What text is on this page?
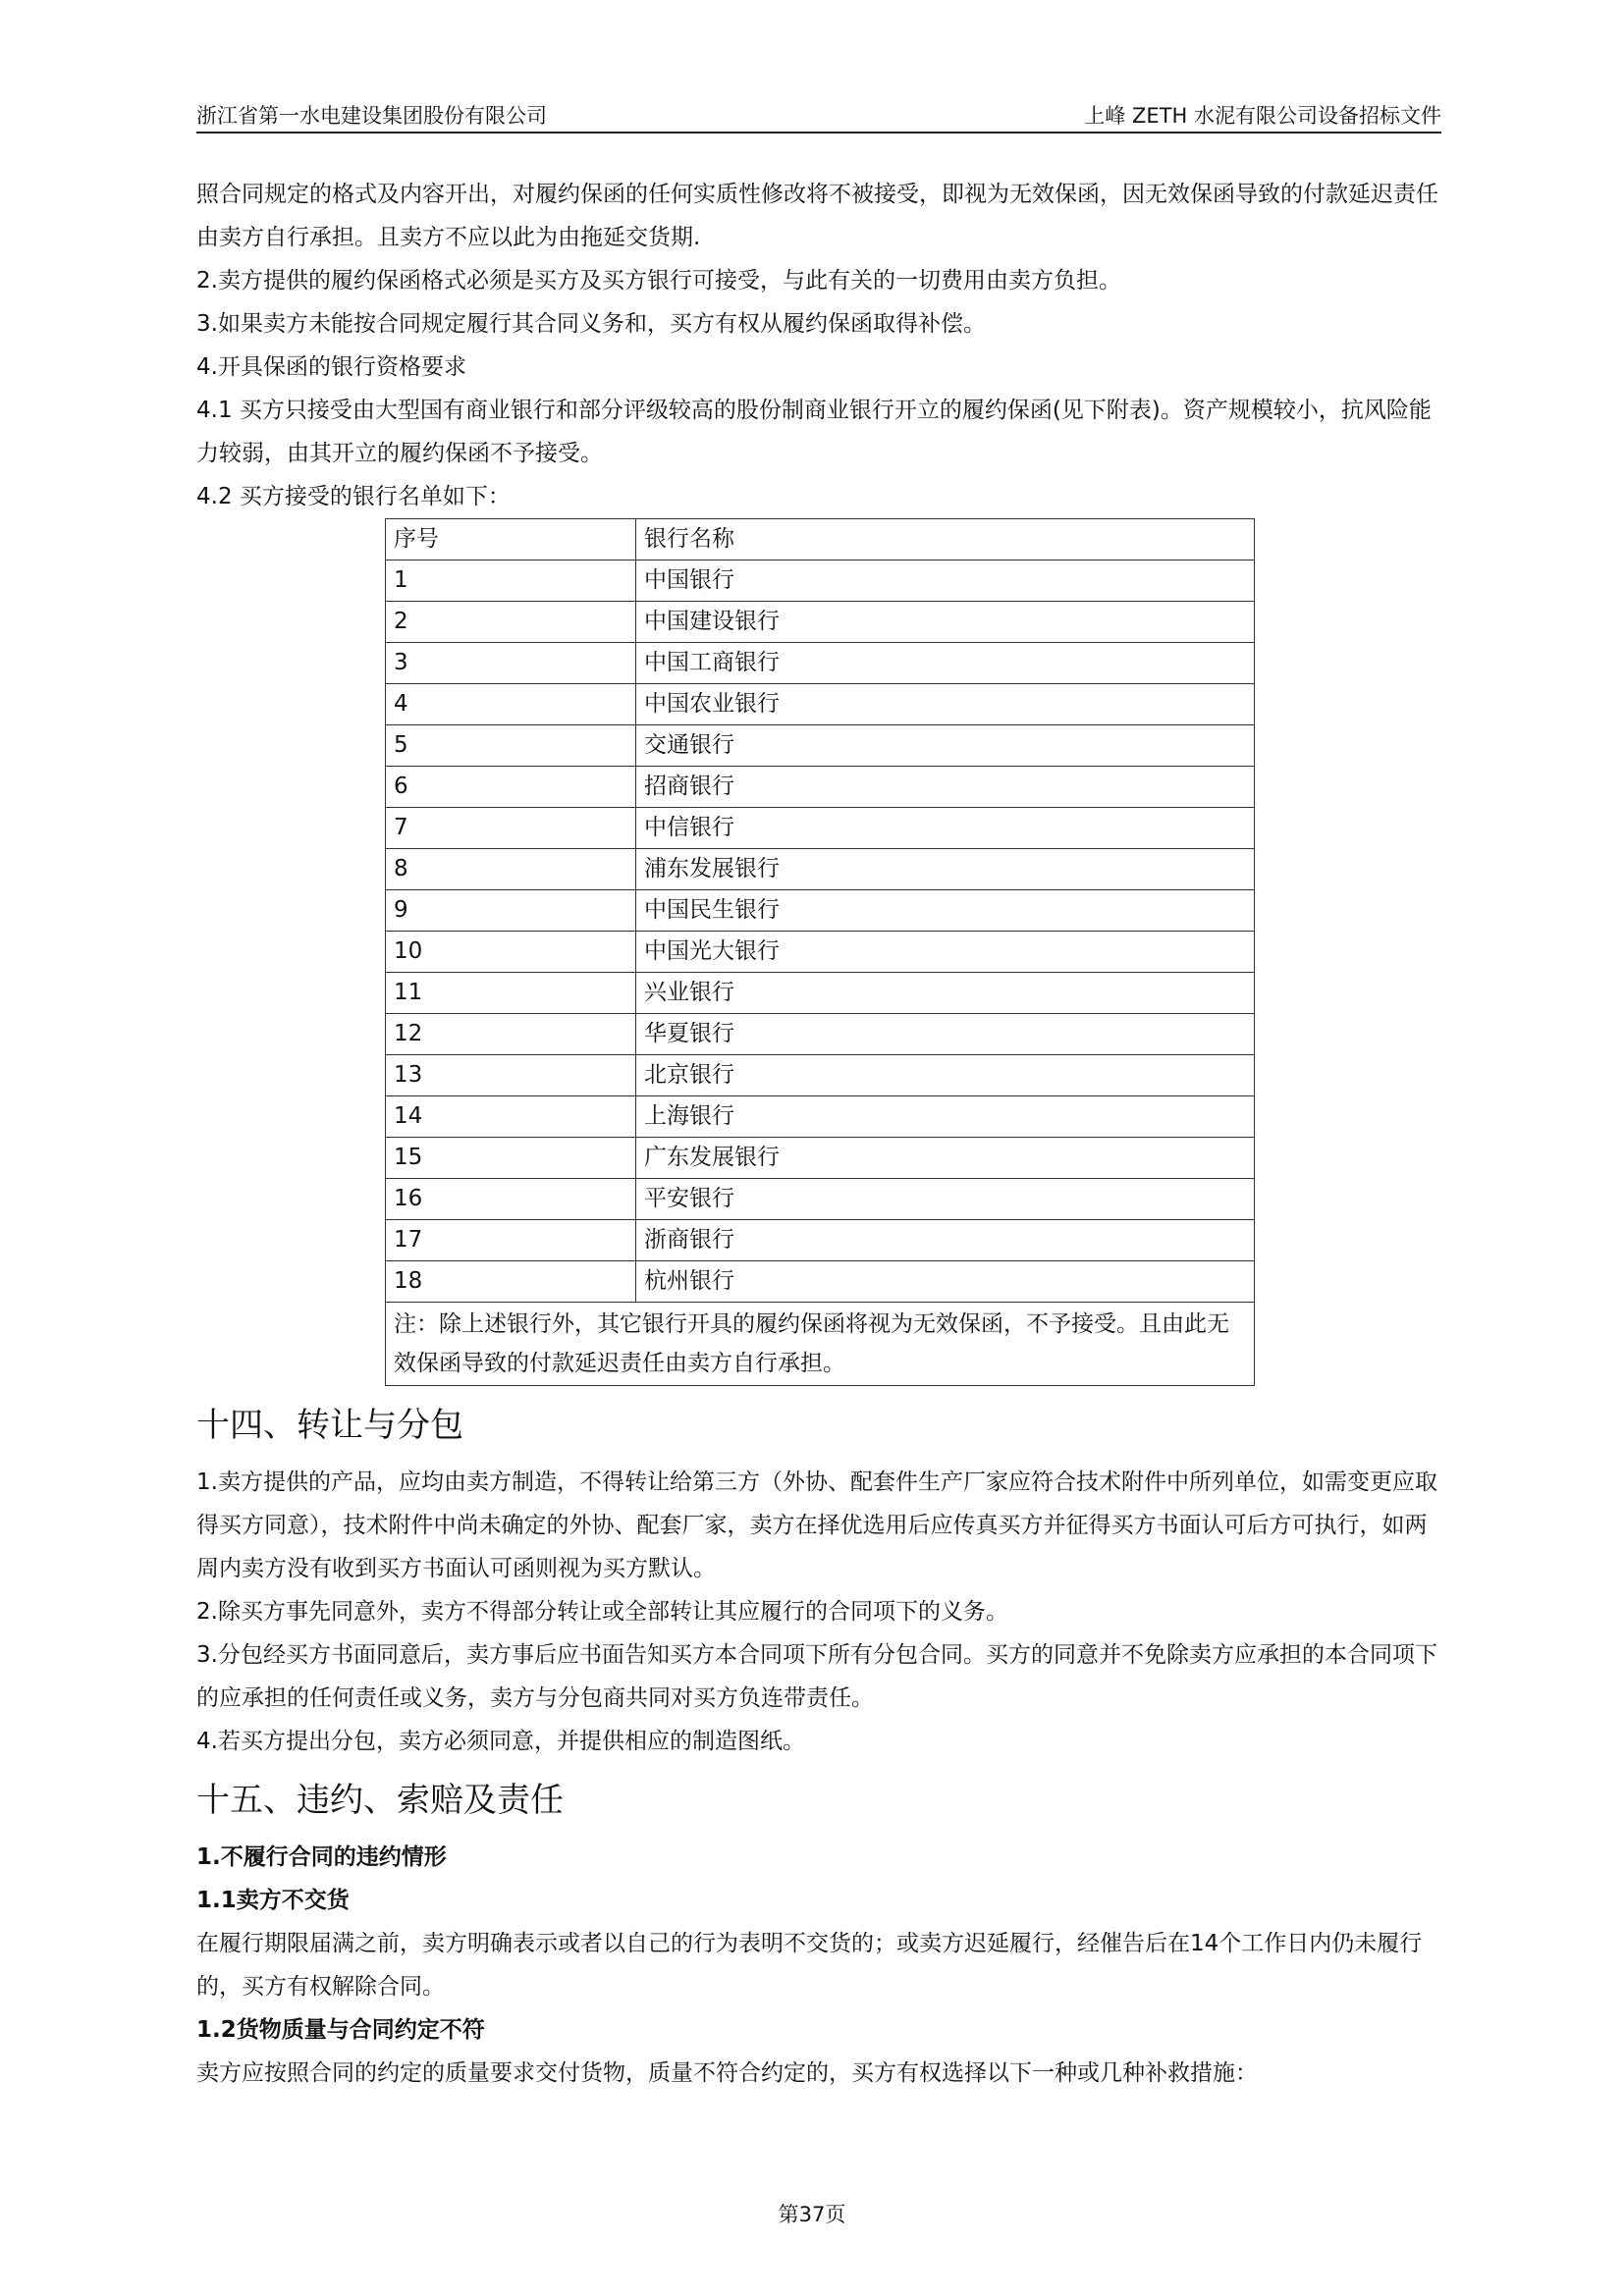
浙江省第一水电建设集团股份有限公司	上峰 ZETH 水泥有限公司设备招标文件

照合同规定的格式及内容开出，对履约保函的任何实质性修改将不被接受，即视为无效保函，因无效保函导致的付款延迟责任由卖方自行承担。且卖方不应以此为由拖延交货期.

2.卖方提供的履约保函格式必须是买方及买方银行可接受，与此有关的一切费用由卖方负担。

3.如果卖方未能按合同规定履行其合同义务和，买方有权从履约保函取得补偿。

4.开具保函的银行资格要求

4.1 买方只接受由大型国有商业银行和部分评级较高的股份制商业银行开立的履约保函(见下附表)。资产规模较小，抗风险能力较弱，由其开立的履约保函不予接受。

4.2 买方接受的银行名单如下：

序号	银行名称
1	中国银行
2	中国建设银行
3	中国工商银行
4	中国农业银行
5	交通银行
6	招商银行
7	中信银行
8	浦东发展银行
9	中国民生银行
10	中国光大银行
11	兴业银行
12	华夏银行
13	北京银行
14	上海银行
15	广东发展银行
16	平安银行
17	浙商银行
18	杭州银行
注：除上述银行外，其它银行开具的履约保函将视为无效保函，不予接受。且由此无效保函导致的付款延迟责任由卖方自行承担。	
十四、转让与分包

1.卖方提供的产品，应均由卖方制造，不得转让给第三方（外协、配套件生产厂家应符合技术附件中所列单位，如需变更应取得买方同意），技术附件中尚未确定的外协、配套厂家，卖方在择优选用后应传真买方并征得买方书面认可后方可执行，如两周内卖方没有收到买方书面认可函则视为买方默认。

2.除买方事先同意外，卖方不得部分转让或全部转让其应履行的合同项下的义务。

3.分包经买方书面同意后，卖方事后应书面告知买方本合同项下所有分包合同。买方的同意并不免除卖方应承担的本合同项下的应承担的任何责任或义务，卖方与分包商共同对买方负连带责任。

4.若买方提出分包，卖方必须同意，并提供相应的制造图纸。

十五、违约、索赔及责任

1.不履行合同的违约情形

1.1卖方不交货

在履行期限届满之前，卖方明确表示或者以自己的行为表明不交货的；或卖方迟延履行，经催告后在14个工作日内仍未履行的，买方有权解除合同。

1.2货物质量与合同约定不符

卖方应按照合同的约定的质量要求交付货物，质量不符合约定的，买方有权选择以下一种或几种补救措施：

第37页
